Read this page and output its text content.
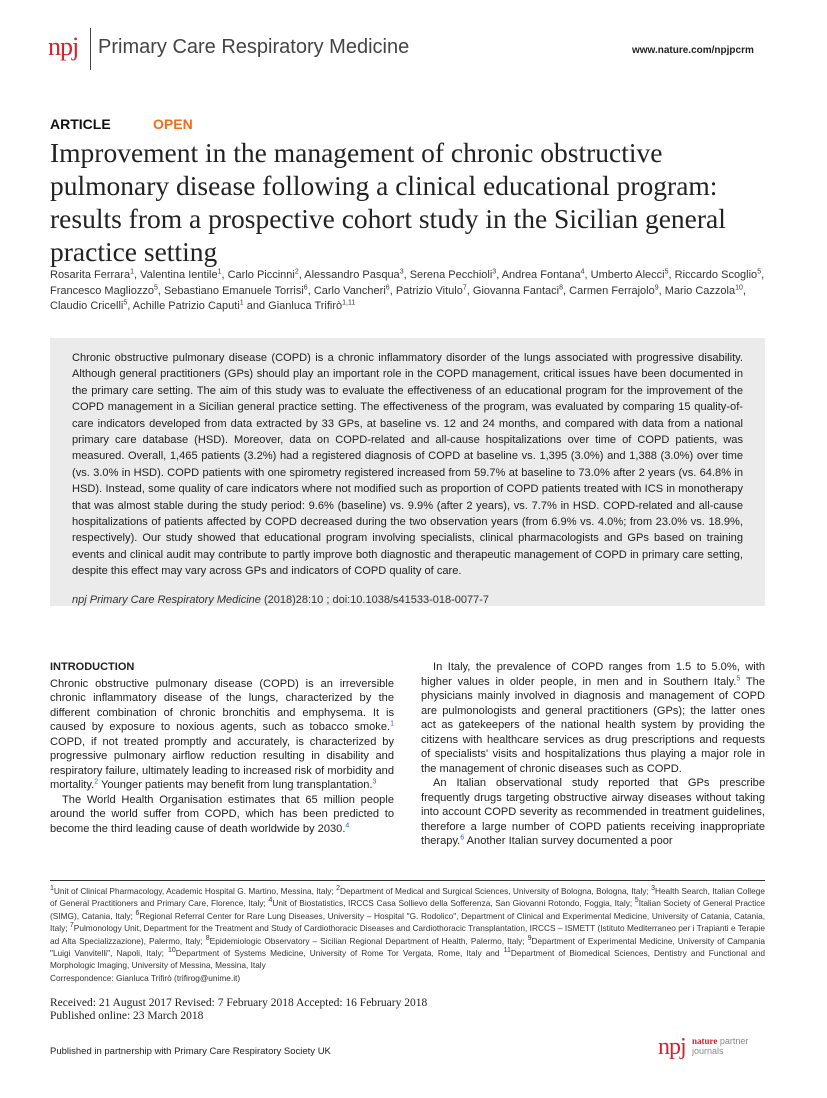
npj Primary Care Respiratory Medicine	www.nature.com/npjpcrm
ARTICLE	OPEN
Improvement in the management of chronic obstructive pulmonary disease following a clinical educational program: results from a prospective cohort study in the Sicilian general practice setting
Rosarita Ferrara$^1$, Valentina Ientile$^1$, Carlo Piccinni$^2$, Alessandro Pasqua$^3$, Serena Pecchioli$^3$, Andrea Fontana$^4$, Umberto Alecci$^5$, Riccardo Scoglio$^5$, Francesco Magliozzo$^5$, Sebastiano Emanuele Torrisi$^6$, Carlo Vancheri$^6$, Patrizio Vitulo$^7$, Giovanna Fantaci$^8$, Carmen Ferrajolo$^9$, Mario Cazzola$^{10}$, Claudio Cricelli$^5$, Achille Patrizio Caputi$^1$ and Gianluca Trifirò$^{1,11}$

Chronic obstructive pulmonary disease (COPD) is a chronic inflammatory disorder of the lungs associated with progressive disability. Although general practitioners (GPs) should play an important role in the COPD management, critical issues have been documented in the primary care setting. The aim of this study was to evaluate the effectiveness of an educational program for the improvement of the COPD management in a Sicilian general practice setting. The effectiveness of the program, was evaluated by comparing 15 quality-of-care indicators developed from data extracted by 33 GPs, at baseline vs. 12 and 24 months, and compared with data from a national primary care database (HSD). Moreover, data on COPD-related and all-cause hospitalizations over time of COPD patients, was measured. Overall, 1,465 patients (3.2%) had a registered diagnosis of COPD at baseline vs. 1,395 (3.0%) and 1,388 (3.0%) over time (vs. 3.0% in HSD). COPD patients with one spirometry registered increased from 59.7% at baseline to 73.0% after 2 years (vs. 64.8% in HSD). Instead, some quality of care indicators where not modified such as proportion of COPD patients treated with ICS in monotherapy that was almost stable during the study period: 9.6% (baseline) vs. 9.9% (after 2 years), vs. 7.7% in HSD. COPD-related and all-cause hospitalizations of patients affected by COPD decreased during the two observation years (from 6.9% vs. 4.0%; from 23.0% vs. 18.9%, respectively). Our study showed that educational program involving specialists, clinical pharmacologists and GPs based on training events and clinical audit may contribute to partly improve both diagnostic and therapeutic management of COPD in primary care setting, despite this effect may vary across GPs and indicators of COPD quality of care.

npj Primary Care Respiratory Medicine (2018)28:10 ; doi:10.1038/s41533-018-0077-7
INTRODUCTION

Chronic obstructive pulmonary disease (COPD) is an irreversible chronic inflammatory disease of the lungs, characterized by the different combination of chronic bronchitis and emphysema. It is caused by exposure to noxious agents, such as tobacco smoke.$^1$ COPD, if not treated promptly and accurately, is characterized by progressive pulmonary airflow reduction resulting in disability and respiratory failure, ultimately leading to increased risk of morbidity and mortality.$^2$ Younger patients may benefit from lung transplantation.$^3$

The World Health Organisation estimates that 65 million people around the world suffer from COPD, which has been predicted to become the third leading cause of death worldwide by 2030.$^4$

In Italy, the prevalence of COPD ranges from 1.5 to 5.0%, with higher values in older people, in men and in Southern Italy.$^5$ The physicians mainly involved in diagnosis and management of COPD are pulmonologists and general practitioners (GPs); the latter ones act as gatekeepers of the national health system by providing the citizens with healthcare services as drug prescriptions and requests of specialists' visits and hospitalizations thus playing a major role in the management of chronic diseases such as COPD.

An Italian observational study reported that GPs prescribe frequently drugs targeting obstructive airway diseases without taking into account COPD severity as recommended in treatment guidelines, therefore a large number of COPD patients receiving inappropriate therapy.$^6$ Another Italian survey documented a poor

$^1$Unit of Clinical Pharmacology, Academic Hospital G. Martino, Messina, Italy; $^2$Department of Medical and Surgical Sciences, University of Bologna, Bologna, Italy; $^3$Health Search, Italian College of General Practitioners and Primary Care, Florence, Italy; $^4$Unit of Biostatistics, IRCCS Casa Sollievo della Sofferenza, San Giovanni Rotondo, Foggia, Italy; $^5$Italian Society of General Practice (SIMG), Catania, Italy; $^6$Regional Referral Center for Rare Lung Diseases, University – Hospital "G. Rodolico", Department of Clinical and Experimental Medicine, University of Catania, Catania, Italy; $^7$Pulmonology Unit, Department for the Treatment and Study of Cardiothoracic Diseases and Cardiothoracic Transplantation, IRCCS – ISMETT (Istituto Mediterraneo per i Trapianti e Terapie ad Alta Specializzazione), Palermo, Italy; $^8$Epidemiologic Observatory – Sicilian Regional Department of Health, Palermo, Italy; $^9$Department of Experimental Medicine, University of Campania "Luigi Vanvitelli", Napoli, Italy; $^{10}$Department of Systems Medicine, University of Rome Tor Vergata, Rome, Italy and $^{11}$Department of Biomedical Sciences, Dentistry and Functional and Morphologic Imaging, University of Messina, Messina, Italy
Correspondence: Gianluca Trifirò (trifirog@unime.it)
Received: 21 August 2017 Revised: 7 February 2018 Accepted: 16 February 2018
Published online: 23 March 2018
Published in partnership with Primary Care Respiratory Society UK	npj nature partner
journals
